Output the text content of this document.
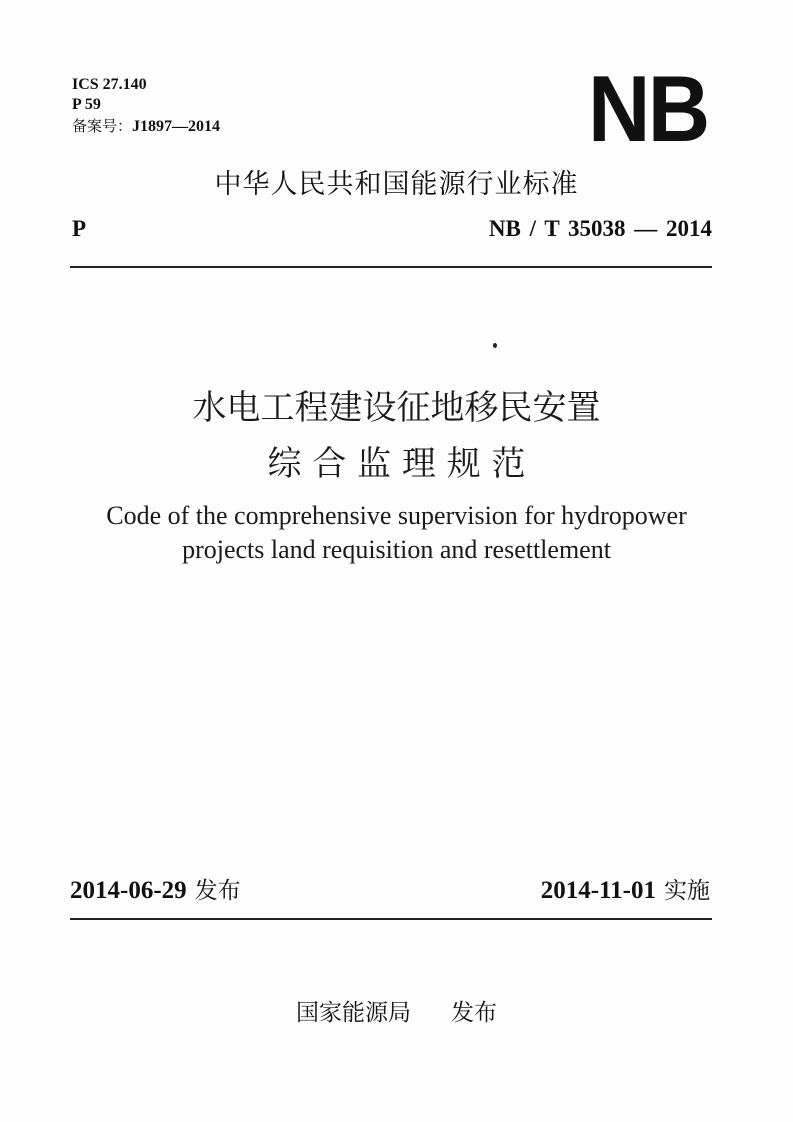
ICS 27.140
P 59
备案号：J1897—2014	NB
中华人民共和国能源行业标准
P	NB / T 35038 — 2014
水电工程建设征地移民安置
综 合 监 理 规 范
Code of the comprehensive supervision for hydropower
projects land requisition and resettlement
2014-06-29 发布	2014-11-01 实施
国家能源局 发布
